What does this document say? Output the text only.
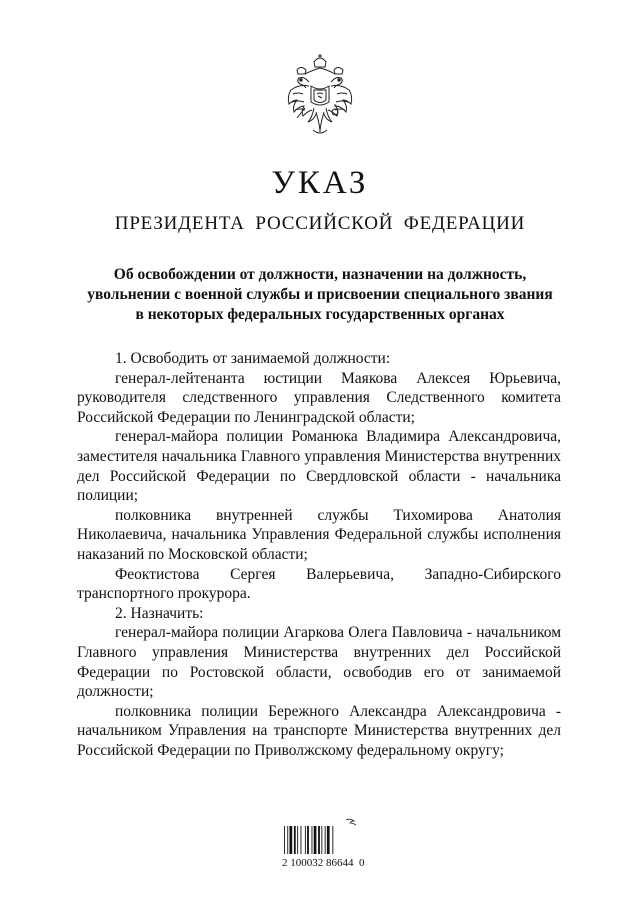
УКАЗ
ПРЕЗИДЕНТА РОССИЙСКОЙ ФЕДЕРАЦИИ
Об освобождении от должности, назначении на должность,
увольнении с военной службы и присвоении специального звания
в некоторых федеральных государственных органах

1. Освободить от занимаемой должности:

генерал-лейтенанта юстиции Маякова Алексея Юрьевича, руководителя следственного управления Следственного комитета Российской Федерации по Ленинградской области;

генерал-майора полиции Романюка Владимира Александровича, заместителя начальника Главного управления Министерства внутренних дел Российской Федерации по Свердловской области - начальника полиции;

полковника внутренней службы Тихомирова Анатолия Николаевича, начальника Управления Федеральной службы исполнения наказаний по Московской области;

Феоктистова Сергея Валерьевича, Западно-Сибирского транспортного прокурора.

2. Назначить:

генерал-майора полиции Агаркова Олега Павловича - начальником Главного управления Министерства внутренних дел Российской Федерации по Ростовской области, освободив его от занимаемой должности;

полковника полиции Бережного Александра Александровича - начальником Управления на транспорте Министерства внутренних дел Российской Федерации по Приволжскому федеральному округу;

2 100032 86644  0
